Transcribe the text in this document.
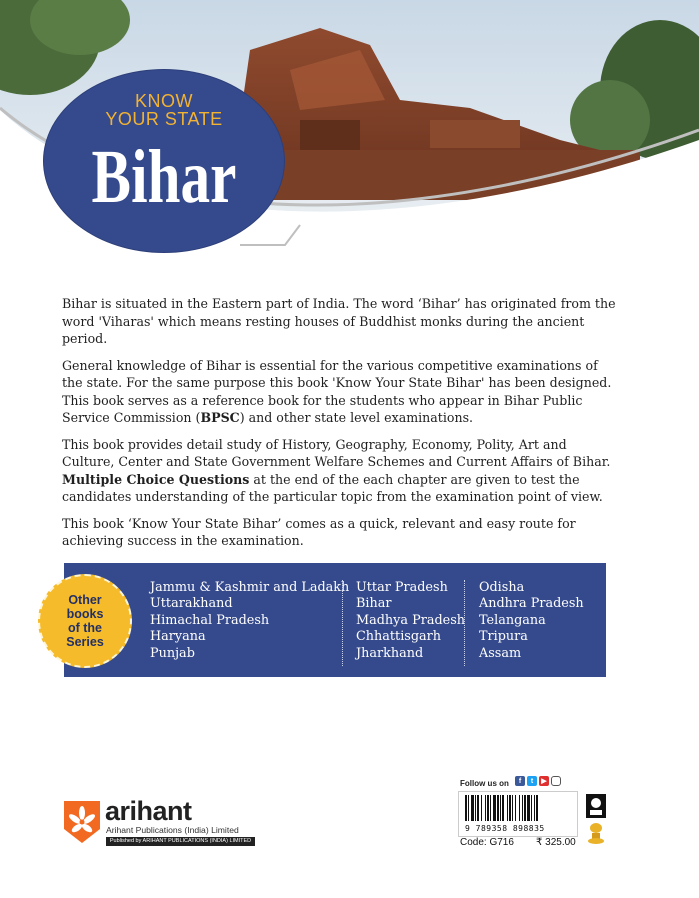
KNOW
YOUR STATE
Bihar

Bihar is situated in the Eastern part of India. The word ‘Bihar’ has originated from the word 'Viharas' which means resting houses of Buddhist monks during the ancient period.

General knowledge of Bihar is essential for the various competitive examinations of the state. For the same purpose this book 'Know Your State Bihar' has been designed. This book serves as a reference book for the students who appear in Bihar Public Service Commission (BPSC) and other state level examinations.

This book provides detail study of History, Geography, Economy, Polity, Art and Culture, Center and State Government Welfare Schemes and Current Affairs of Bihar. Multiple Choice Questions at the end of the each chapter are given to test the candidates understanding of the particular topic from the examination point of view.

This book ‘Know Your State Bihar’ comes as a quick, relevant and easy route for achieving success in the examination.

Other
books
of the
Series
Jammu & Kashmir and Ladakh
Uttarakhand
Himachal Pradesh
Haryana
Punjab
Uttar Pradesh
Bihar
Madhya Pradesh
Chhattisgarh
Jharkhand
Odisha
Andhra Pradesh
Telangana
Tripura
Assam
arihant
Arihant Publications (India) Limited
Published by ARIHANT PUBLICATIONS (INDIA) LIMITED
Follow us on	f	t	▶
9 789358 898835
Code: G716 ₹ 325.00
